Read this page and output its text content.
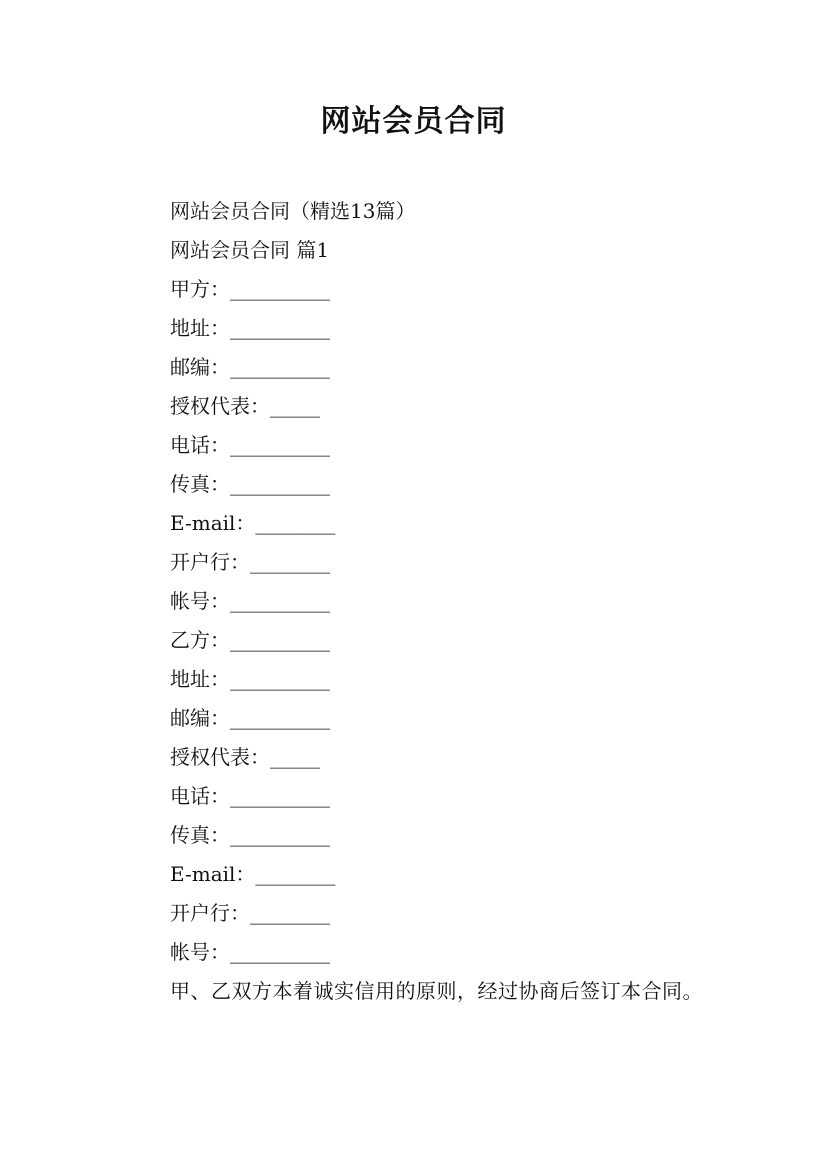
网站会员合同
网站会员合同（精选13篇）
网站会员合同 篇1
甲方：__________
地址：__________
邮编：__________
授权代表：_____
电话：__________
传真：__________
E-mail：________
开户行：________
帐号：__________
乙方：__________
地址：__________
邮编：__________
授权代表：_____
电话：__________
传真：__________
E-mail：________
开户行：________
帐号：__________
甲、乙双方本着诚实信用的原则，经过协商后签订本合同。
